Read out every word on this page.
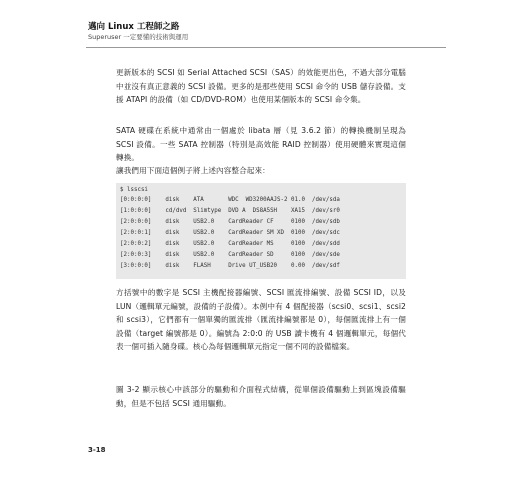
邁向 Linux 工程師之路
Superuser 一定要懂的技術與運用
更新版本的 SCSI 如 Serial Attached SCSI（SAS）的效能更出色，不過大部分電腦中並沒有真正意義的 SCSI 設備。更多的是那些使用 SCSI 命令的 USB 儲存設備。支援 ATAPI 的設備（如 CD/DVD-ROM）也使用某個版本的 SCSI 命令集。
SATA 硬碟在系統中通常由一個處於 libata 層（見 3.6.2 節）的轉換機制呈現為 SCSI 設備。一些 SATA 控制器（特別是高效能 RAID 控制器）使用硬體來實現這個轉換。
讓我們用下面這個例子將上述內容整合起來：
$ lsscsi
[0:0:0:0]    disk    ATA       WDC  WD3200AAJS-2 01.0  /dev/sda
[1:0:0:0]    cd/dvd  Slimtype  DVD A  DS8A5SH    XA15  /dev/sr0
[2:0:0:0]    disk    USB2.0    CardReader CF     0100  /dev/sdb
[2:0:0:1]    disk    USB2.0    CardReader SM XD  0100  /dev/sdc
[2:0:0:2]    disk    USB2.0    CardReader MS     0100  /dev/sdd
[2:0:0:3]    disk    USB2.0    CardReader SD     0100  /dev/sde
[3:0:0:0]    disk    FLASH     Drive UT_USB20    0.00  /dev/sdf
方括號中的數字是 SCSI 主機配接器編號、SCSI 匯流排編號、設備 SCSI ID，以及 LUN（邏輯單元編號，設備的子設備）。本例中有 4 個配接器（scsi0、scsi1、scsi2 和 scsi3），它們都有一個單獨的匯流排（匯流排編號都是 0），每個匯流排上有一個設備（target 編號都是 0）。編號為 2:0:0 的 USB 讀卡機有 4 個邏輯單元，每個代表一個可插入隨身碟。核心為每個邏輯單元指定一個不同的設備檔案。
圖 3-2 顯示核心中該部分的驅動和介面程式結構，從單個設備驅動上到區塊設備驅動，但是不包括 SCSI 通用驅動。
3-18
